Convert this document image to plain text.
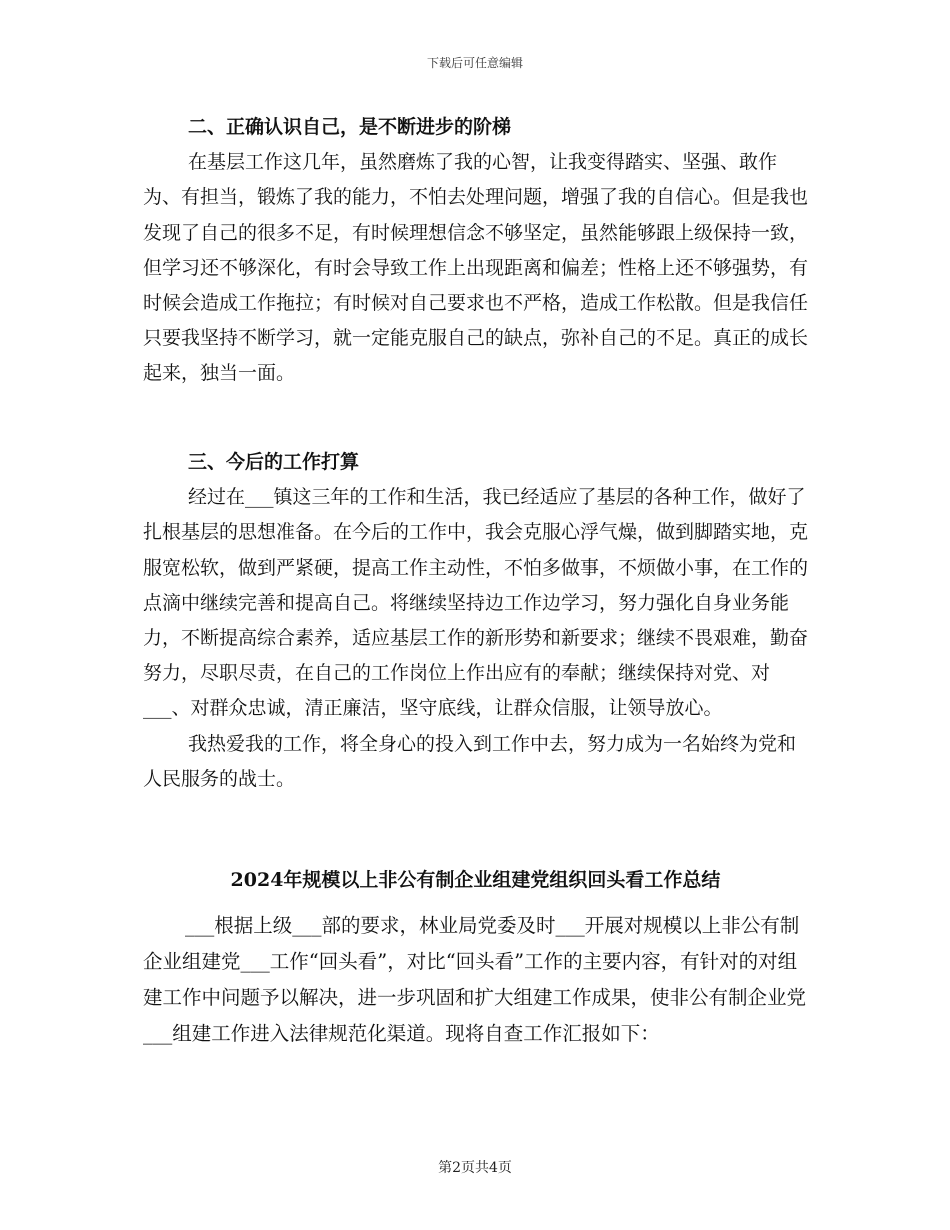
下载后可任意编辑

二、正确认识自己，是不断进步的阶梯

在基层工作这几年，虽然磨炼了我的心智，让我变得踏实、坚强、敢作为、有担当，锻炼了我的能力，不怕去处理问题，增强了我的自信心。但是我也发现了自己的很多不足，有时候理想信念不够坚定，虽然能够跟上级保持一致，但学习还不够深化，有时会导致工作上出现距离和偏差；性格上还不够强势，有时候会造成工作拖拉；有时候对自己要求也不严格，造成工作松散。但是我信任只要我坚持不断学习，就一定能克服自己的缺点，弥补自己的不足。真正的成长起来，独当一面。

三、今后的工作打算

经过在___镇这三年的工作和生活，我已经适应了基层的各种工作，做好了扎根基层的思想准备。在今后的工作中，我会克服心浮气燥，做到脚踏实地，克服宽松软，做到严紧硬，提高工作主动性，不怕多做事，不烦做小事，在工作的点滴中继续完善和提高自己。将继续坚持边工作边学习，努力强化自身业务能力，不断提高综合素养，适应基层工作的新形势和新要求；继续不畏艰难，勤奋努力，尽职尽责，在自己的工作岗位上作出应有的奉献；继续保持对党、对___、对群众忠诚，清正廉洁，坚守底线，让群众信服，让领导放心。

我热爱我的工作，将全身心的投入到工作中去，努力成为一名始终为党和人民服务的战士。

2024年规模以上非公有制企业组建党组织回头看工作总结

___根据上级___部的要求，林业局党委及时___开展对规模以上非公有制企业组建党___工作“回头看”，对比“回头看”工作的主要内容，有针对的对组建工作中问题予以解决，进一步巩固和扩大组建工作成果，使非公有制企业党___组建工作进入法律规范化渠道。现将自查工作汇报如下：

第2页共4页
